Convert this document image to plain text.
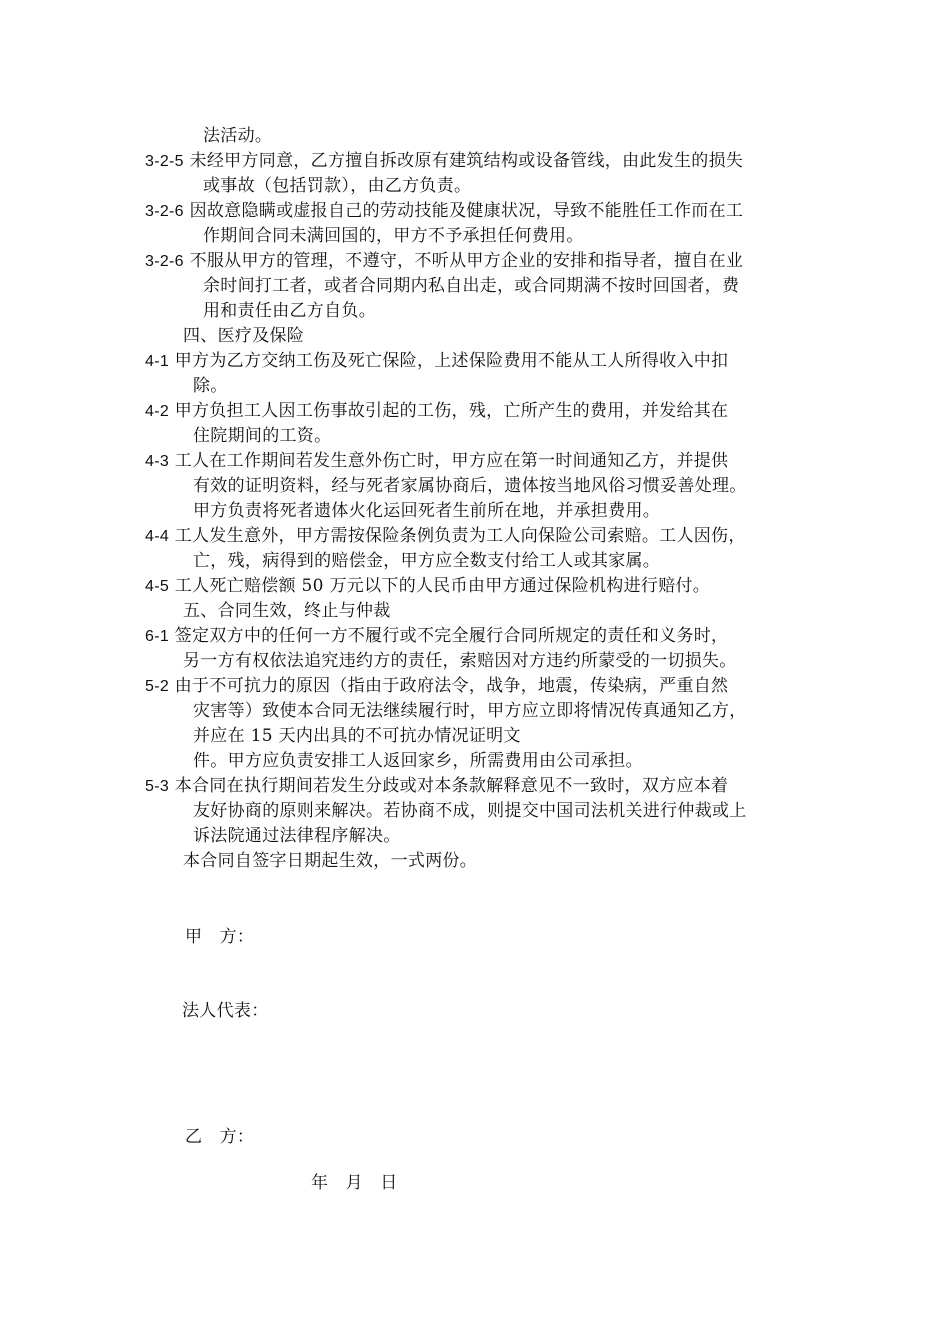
法活动。
3-2-5 未经甲方同意，乙方擅自拆改原有建筑结构或设备管线，由此发生的损失
或事故（包括罚款），由乙方负责。
3-2-6 因故意隐瞒或虚报自己的劳动技能及健康状况，导致不能胜任工作而在工
作期间合同未满回国的，甲方不予承担任何费用。
3-2-6 不服从甲方的管理，不遵守，不听从甲方企业的安排和指导者，擅自在业
余时间打工者，或者合同期内私自出走，或合同期满不按时回国者，费
用和责任由乙方自负。
四、医疗及保险
4-1 甲方为乙方交纳工伤及死亡保险，上述保险费用不能从工人所得收入中扣
除。
4-2 甲方负担工人因工伤事故引起的工伤，残，亡所产生的费用，并发给其在
住院期间的工资。
4-3 工人在工作期间若发生意外伤亡时，甲方应在第一时间通知乙方，并提供
有效的证明资料，经与死者家属协商后，遗体按当地风俗习惯妥善处理。
甲方负责将死者遗体火化运回死者生前所在地，并承担费用。
4-4 工人发生意外，甲方需按保险条例负责为工人向保险公司索赔。工人因伤，
亡，残，病得到的赔偿金，甲方应全数支付给工人或其家属。
4-5 工人死亡赔偿额 50 万元以下的人民币由甲方通过保险机构进行赔付。
五、合同生效，终止与仲裁
6-1 签定双方中的任何一方不履行或不完全履行合同所规定的责任和义务时，
另一方有权依法追究违约方的责任，索赔因对方违约所蒙受的一切损失。
5-2 由于不可抗力的原因（指由于政府法令，战争，地震，传染病，严重自然
灾害等）致使本合同无法继续履行时，甲方应立即将情况传真通知乙方，
并应在 15 天内出具的不可抗办情况证明文
件。甲方应负责安排工人返回家乡，所需费用由公司承担。
5-3 本合同在执行期间若发生分歧或对本条款解释意见不一致时，双方应本着
友好协商的原则来解决。若协商不成，则提交中国司法机关进行仲裁或上
诉法院通过法律程序解决。
本合同自签字日期起生效，一式两份。
甲　方：
法人代表：
乙　方：
年　月　日
